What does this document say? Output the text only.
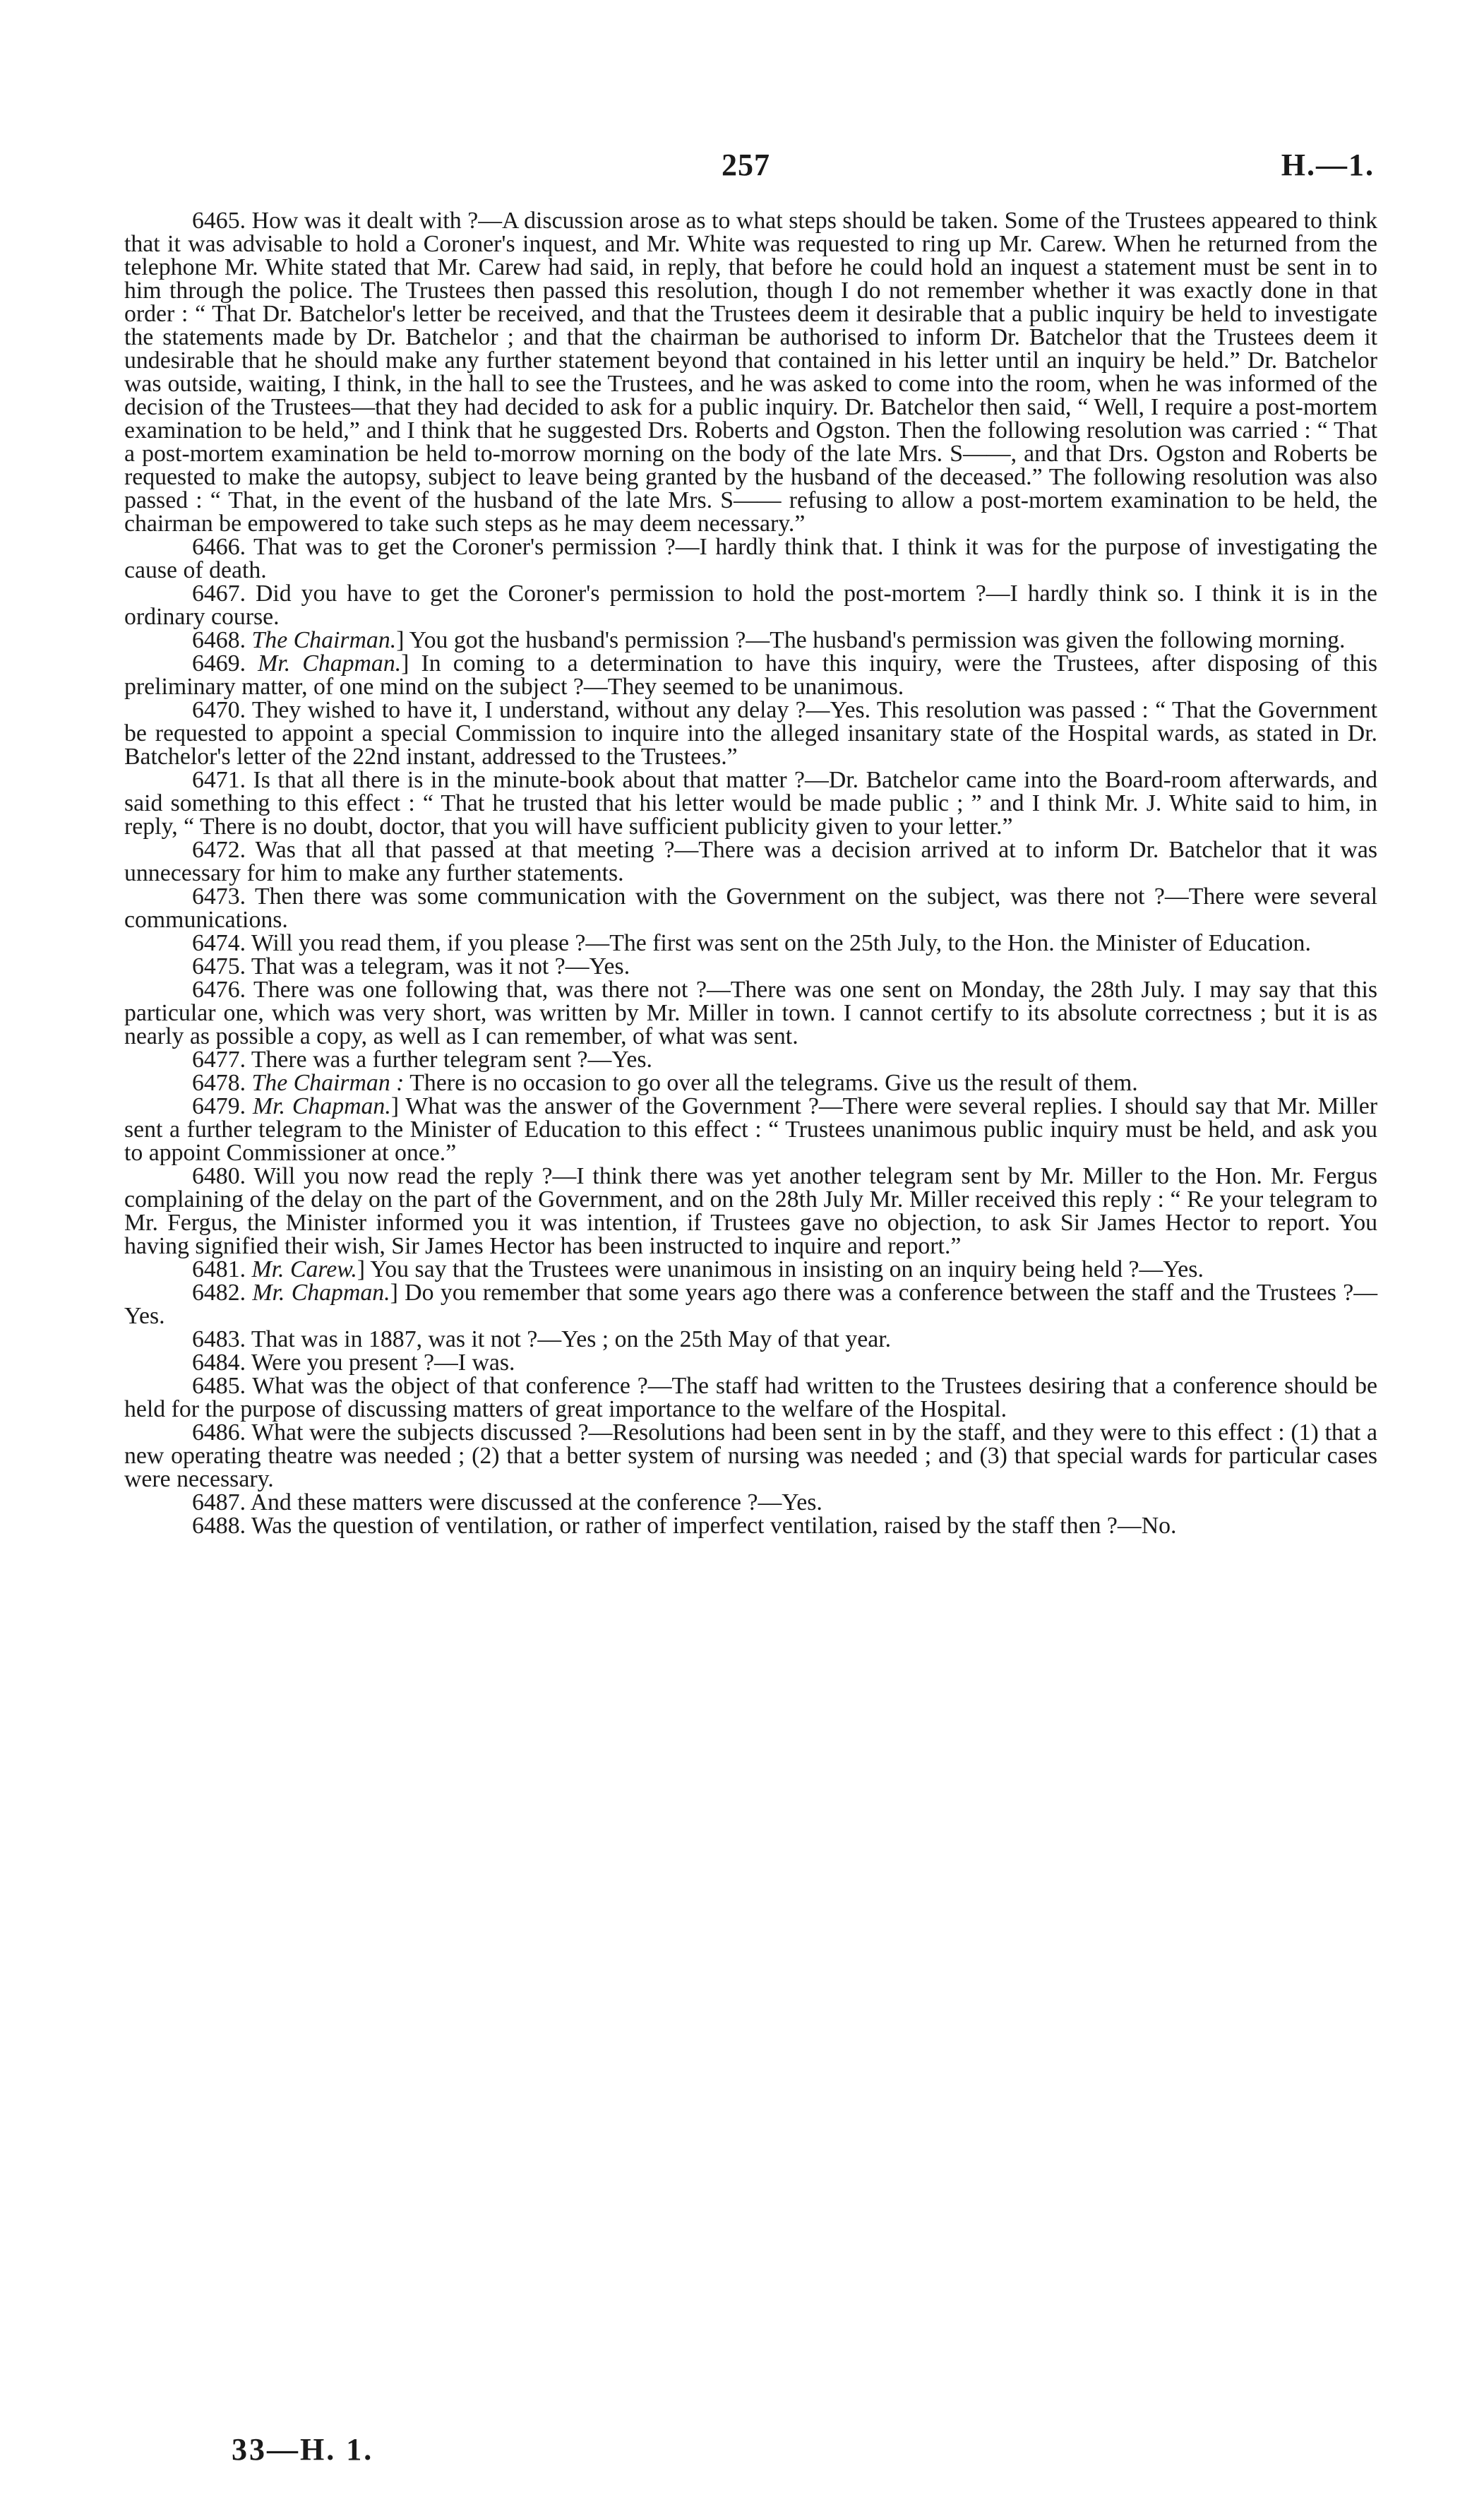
257	H.—1.

6465. How was it dealt with ?—A discussion arose as to what steps should be taken. Some of the Trustees appeared to think that it was advisable to hold a Coroner's inquest, and Mr. White was requested to ring up Mr. Carew. When he returned from the telephone Mr. White stated that Mr. Carew had said, in reply, that before he could hold an inquest a statement must be sent in to him through the police. The Trustees then passed this resolution, though I do not remember whether it was exactly done in that order : “ That Dr. Batchelor's letter be received, and that the Trustees deem it desirable that a public inquiry be held to investigate the statements made by Dr. Batchelor ; and that the chairman be authorised to inform Dr. Batchelor that the Trustees deem it undesirable that he should make any further statement beyond that contained in his letter until an inquiry be held.” Dr. Batchelor was outside, waiting, I think, in the hall to see the Trustees, and he was asked to come into the room, when he was informed of the decision of the Trustees—that they had decided to ask for a public inquiry. Dr. Batchelor then said, “ Well, I require a post-mortem examination to be held,” and I think that he suggested Drs. Roberts and Ogston. Then the following resolution was carried : “ That a post-mortem examination be held to-morrow morning on the body of the late Mrs. S——, and that Drs. Ogston and Roberts be requested to make the autopsy, subject to leave being granted by the husband of the deceased.” The following resolution was also passed : “ That, in the event of the husband of the late Mrs. S—— refusing to allow a post-mortem examination to be held, the chairman be empowered to take such steps as he may deem necessary.”

6466. That was to get the Coroner's permission ?—I hardly think that. I think it was for the purpose of investigating the cause of death.

6467. Did you have to get the Coroner's permission to hold the post-mortem ?—I hardly think so. I think it is in the ordinary course.

6468. The Chairman.] You got the husband's permission ?—The husband's permission was given the following morning.

6469. Mr. Chapman.] In coming to a determination to have this inquiry, were the Trustees, after disposing of this preliminary matter, of one mind on the subject ?—They seemed to be unanimous.

6470. They wished to have it, I understand, without any delay ?—Yes. This resolution was passed : “ That the Government be requested to appoint a special Commission to inquire into the alleged insanitary state of the Hospital wards, as stated in Dr. Batchelor's letter of the 22nd instant, addressed to the Trustees.”

6471. Is that all there is in the minute-book about that matter ?—Dr. Batchelor came into the Board-room afterwards, and said something to this effect : “ That he trusted that his letter would be made public ; ” and I think Mr. J. White said to him, in reply, “ There is no doubt, doctor, that you will have sufficient publicity given to your letter.”

6472. Was that all that passed at that meeting ?—There was a decision arrived at to inform Dr. Batchelor that it was unnecessary for him to make any further statements.

6473. Then there was some communication with the Government on the subject, was there not ?—There were several communications.

6474. Will you read them, if you please ?—The first was sent on the 25th July, to the Hon. the Minister of Education.

6475. That was a telegram, was it not ?—Yes.

6476. There was one following that, was there not ?—There was one sent on Monday, the 28th July. I may say that this particular one, which was very short, was written by Mr. Miller in town. I cannot certify to its absolute correctness ; but it is as nearly as possible a copy, as well as I can remember, of what was sent.

6477. There was a further telegram sent ?—Yes.

6478. The Chairman : There is no occasion to go over all the telegrams. Give us the result of them.

6479. Mr. Chapman.] What was the answer of the Government ?—There were several replies. I should say that Mr. Miller sent a further telegram to the Minister of Education to this effect : “ Trustees unanimous public inquiry must be held, and ask you to appoint Commissioner at once.”

6480. Will you now read the reply ?—I think there was yet another telegram sent by Mr. Miller to the Hon. Mr. Fergus complaining of the delay on the part of the Government, and on the 28th July Mr. Miller received this reply : “ Re your telegram to Mr. Fergus, the Minister informed you it was intention, if Trustees gave no objection, to ask Sir James Hector to report. You having signified their wish, Sir James Hector has been instructed to inquire and report.”

6481. Mr. Carew.] You say that the Trustees were unanimous in insisting on an inquiry being held ?—Yes.

6482. Mr. Chapman.] Do you remember that some years ago there was a conference between the staff and the Trustees ?—Yes.

6483. That was in 1887, was it not ?—Yes ; on the 25th May of that year.

6484. Were you present ?—I was.

6485. What was the object of that conference ?—The staff had written to the Trustees desiring that a conference should be held for the purpose of discussing matters of great importance to the welfare of the Hospital.

6486. What were the subjects discussed ?—Resolutions had been sent in by the staff, and they were to this effect : (1) that a new operating theatre was needed ; (2) that a better system of nursing was needed ; and (3) that special wards for particular cases were necessary.

6487. And these matters were discussed at the conference ?—Yes.

6488. Was the question of ventilation, or rather of imperfect ventilation, raised by the staff then ?—No.

33—H. 1.
